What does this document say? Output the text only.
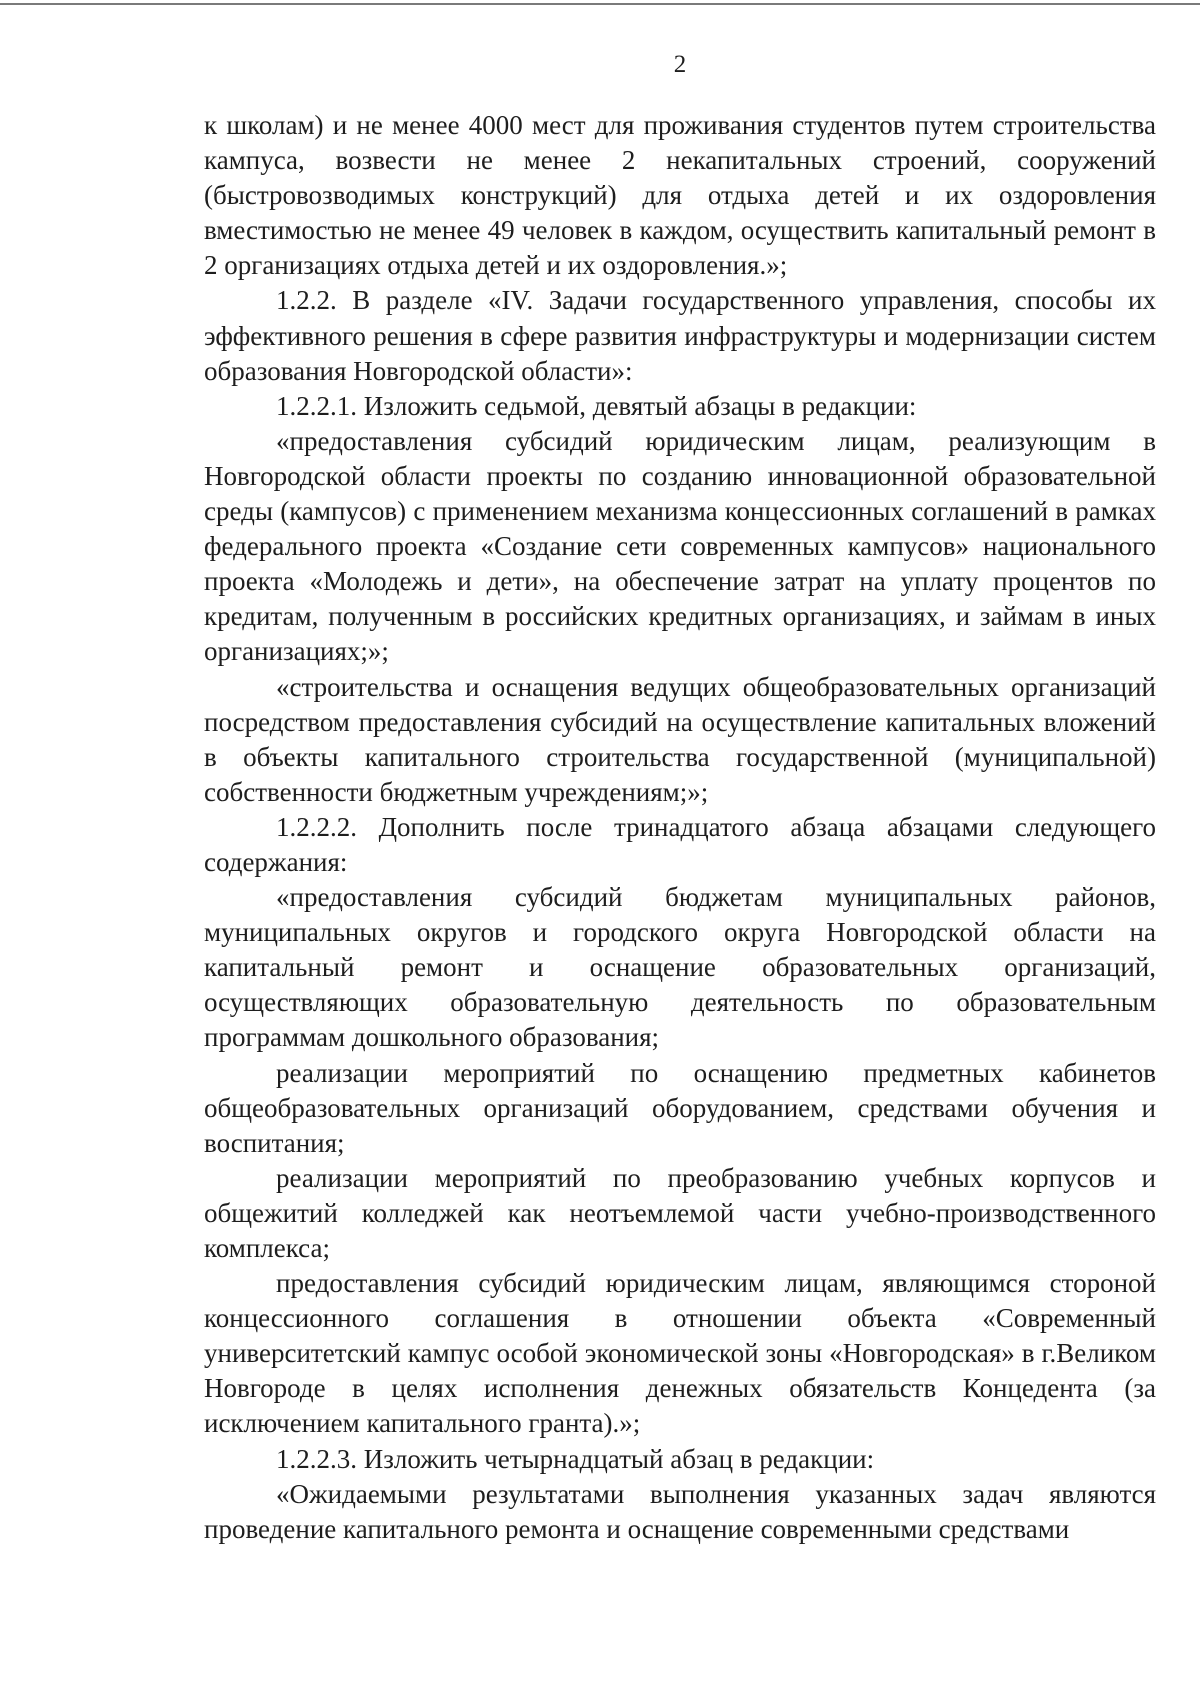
2

к школам) и не менее 4000 мест для проживания студентов путем строительства кампуса, возвести не менее 2 некапитальных строений, сооружений (быстровозводимых конструкций) для отдыха детей и их оздоровления вместимостью не менее 49 человек в каждом, осуществить капитальный ремонт в 2 организациях отдыха детей и их оздоровления.»;

1.2.2. В разделе «IV. Задачи государственного управления, способы их эффективного решения в сфере развития инфраструктуры и модернизации систем образования Новгородской области»:

1.2.2.1. Изложить седьмой, девятый абзацы в редакции:

«предоставления субсидий юридическим лицам, реализующим в Новгородской области проекты по созданию инновационной образовательной среды (кампусов) с применением механизма концессионных соглашений в рамках федерального проекта «Создание сети современных кампусов» национального проекта «Молодежь и дети», на обеспечение затрат на уплату процентов по кредитам, полученным в российских кредитных организациях, и займам в иных организациях;»;

«строительства и оснащения ведущих общеобразовательных организаций посредством предоставления субсидий на осуществление капитальных вложений в объекты капитального строительства государственной (муниципальной) собственности бюджетным учреждениям;»;

1.2.2.2. Дополнить после тринадцатого абзаца абзацами следующего содержания:

«предоставления субсидий бюджетам муниципальных районов, муниципальных округов и городского округа Новгородской области на капитальный ремонт и оснащение образовательных организаций, осуществляющих образовательную деятельность по образовательным программам дошкольного образования;

реализации мероприятий по оснащению предметных кабинетов общеобразовательных организаций оборудованием, средствами обучения и воспитания;

реализации мероприятий по преобразованию учебных корпусов и общежитий колледжей как неотъемлемой части учебно-производственного комплекса;

предоставления субсидий юридическим лицам, являющимся стороной концессионного соглашения в отношении объекта «Современный университетский кампус особой экономической зоны «Новгородская» в г.Великом Новгороде в целях исполнения денежных обязательств Концедента (за исключением капитального гранта).»;

1.2.2.3. Изложить четырнадцатый абзац в редакции:

«Ожидаемыми результатами выполнения указанных задач являются проведение капитального ремонта и оснащение современными средствами
